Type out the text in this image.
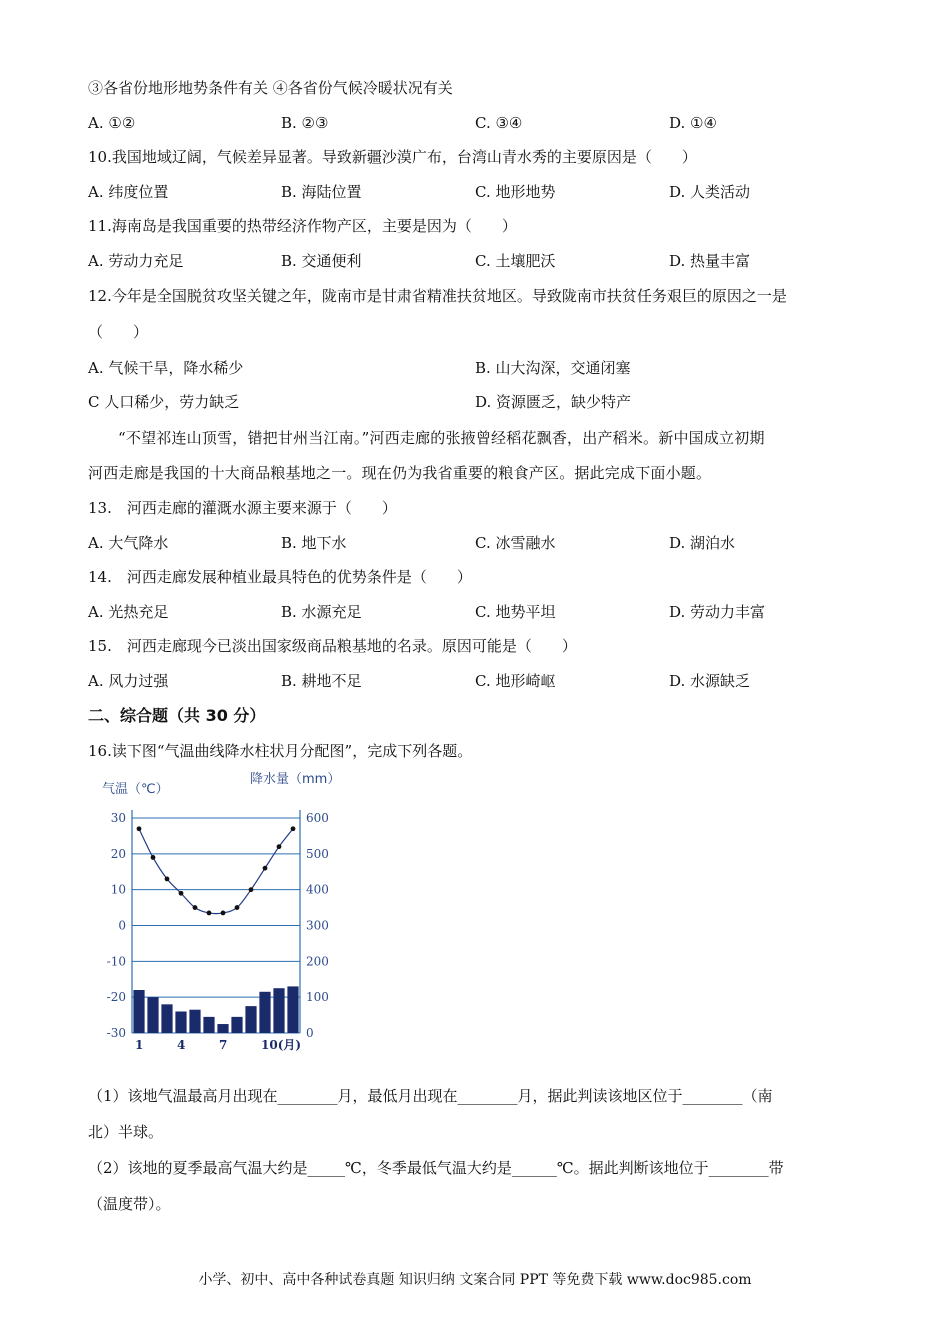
③各省份地形地势条件有关 ④各省份气候冷暖状况有关
A. ①②	B. ②③	C. ③④	D. ①④
10.我国地域辽阔，气候差异显著。导致新疆沙漠广布，台湾山青水秀的主要原因是（　　）
A. 纬度位置	B. 海陆位置	C. 地形地势	D. 人类活动
11.海南岛是我国重要的热带经济作物产区，主要是因为（　　）
A. 劳动力充足	B. 交通便利	C. 土壤肥沃	D. 热量丰富
12.今年是全国脱贫攻坚关键之年，陇南市是甘肃省精准扶贫地区。导致陇南市扶贫任务艰巨的原因之一是
（　　）
A. 气候干旱，降水稀少	B. 山大沟深，交通闭塞
C 人口稀少，劳力缺乏	D. 资源匮乏，缺少特产
“不望祁连山顶雪，错把甘州当江南。”河西走廊的张掖曾经稻花飘香，出产稻米。新中国成立初期
河西走廊是我国的十大商品粮基地之一。现在仍为我省重要的粮食产区。据此完成下面小题。
13.　河西走廊的灌溉水源主要来源于（　　）
A. 大气降水	B. 地下水	C. 冰雪融水	D. 湖泊水
14.　河西走廊发展种植业最具特色的优势条件是（　　）
A. 光热充足	B. 水源充足	C. 地势平坦	D. 劳动力丰富
15.　河西走廊现今已淡出国家级商品粮基地的名录。原因可能是（　　）
A. 风力过强	B. 耕地不足	C. 地形崎岖	D. 水源缺乏
二、综合题（共 30 分）
16.读下图“气温曲线降水柱状月分配图”，完成下列各题。
气温（℃）
降水量（mm）
30
20
10
0
-10
-20
-30
600
500
400
300
200
100
0
1	4	7	10(月)
（1）该地气温最高月出现在________月，最低月出现在________月，据此判读该地区位于________（南
北）半球。
（2）该地的夏季最高气温大约是_____℃，冬季最低气温大约是______℃。据此判断该地位于________带
（温度带）。
小学、初中、高中各种试卷真题 知识归纳 文案合同 PPT 等免费下载 www.doc985.com
